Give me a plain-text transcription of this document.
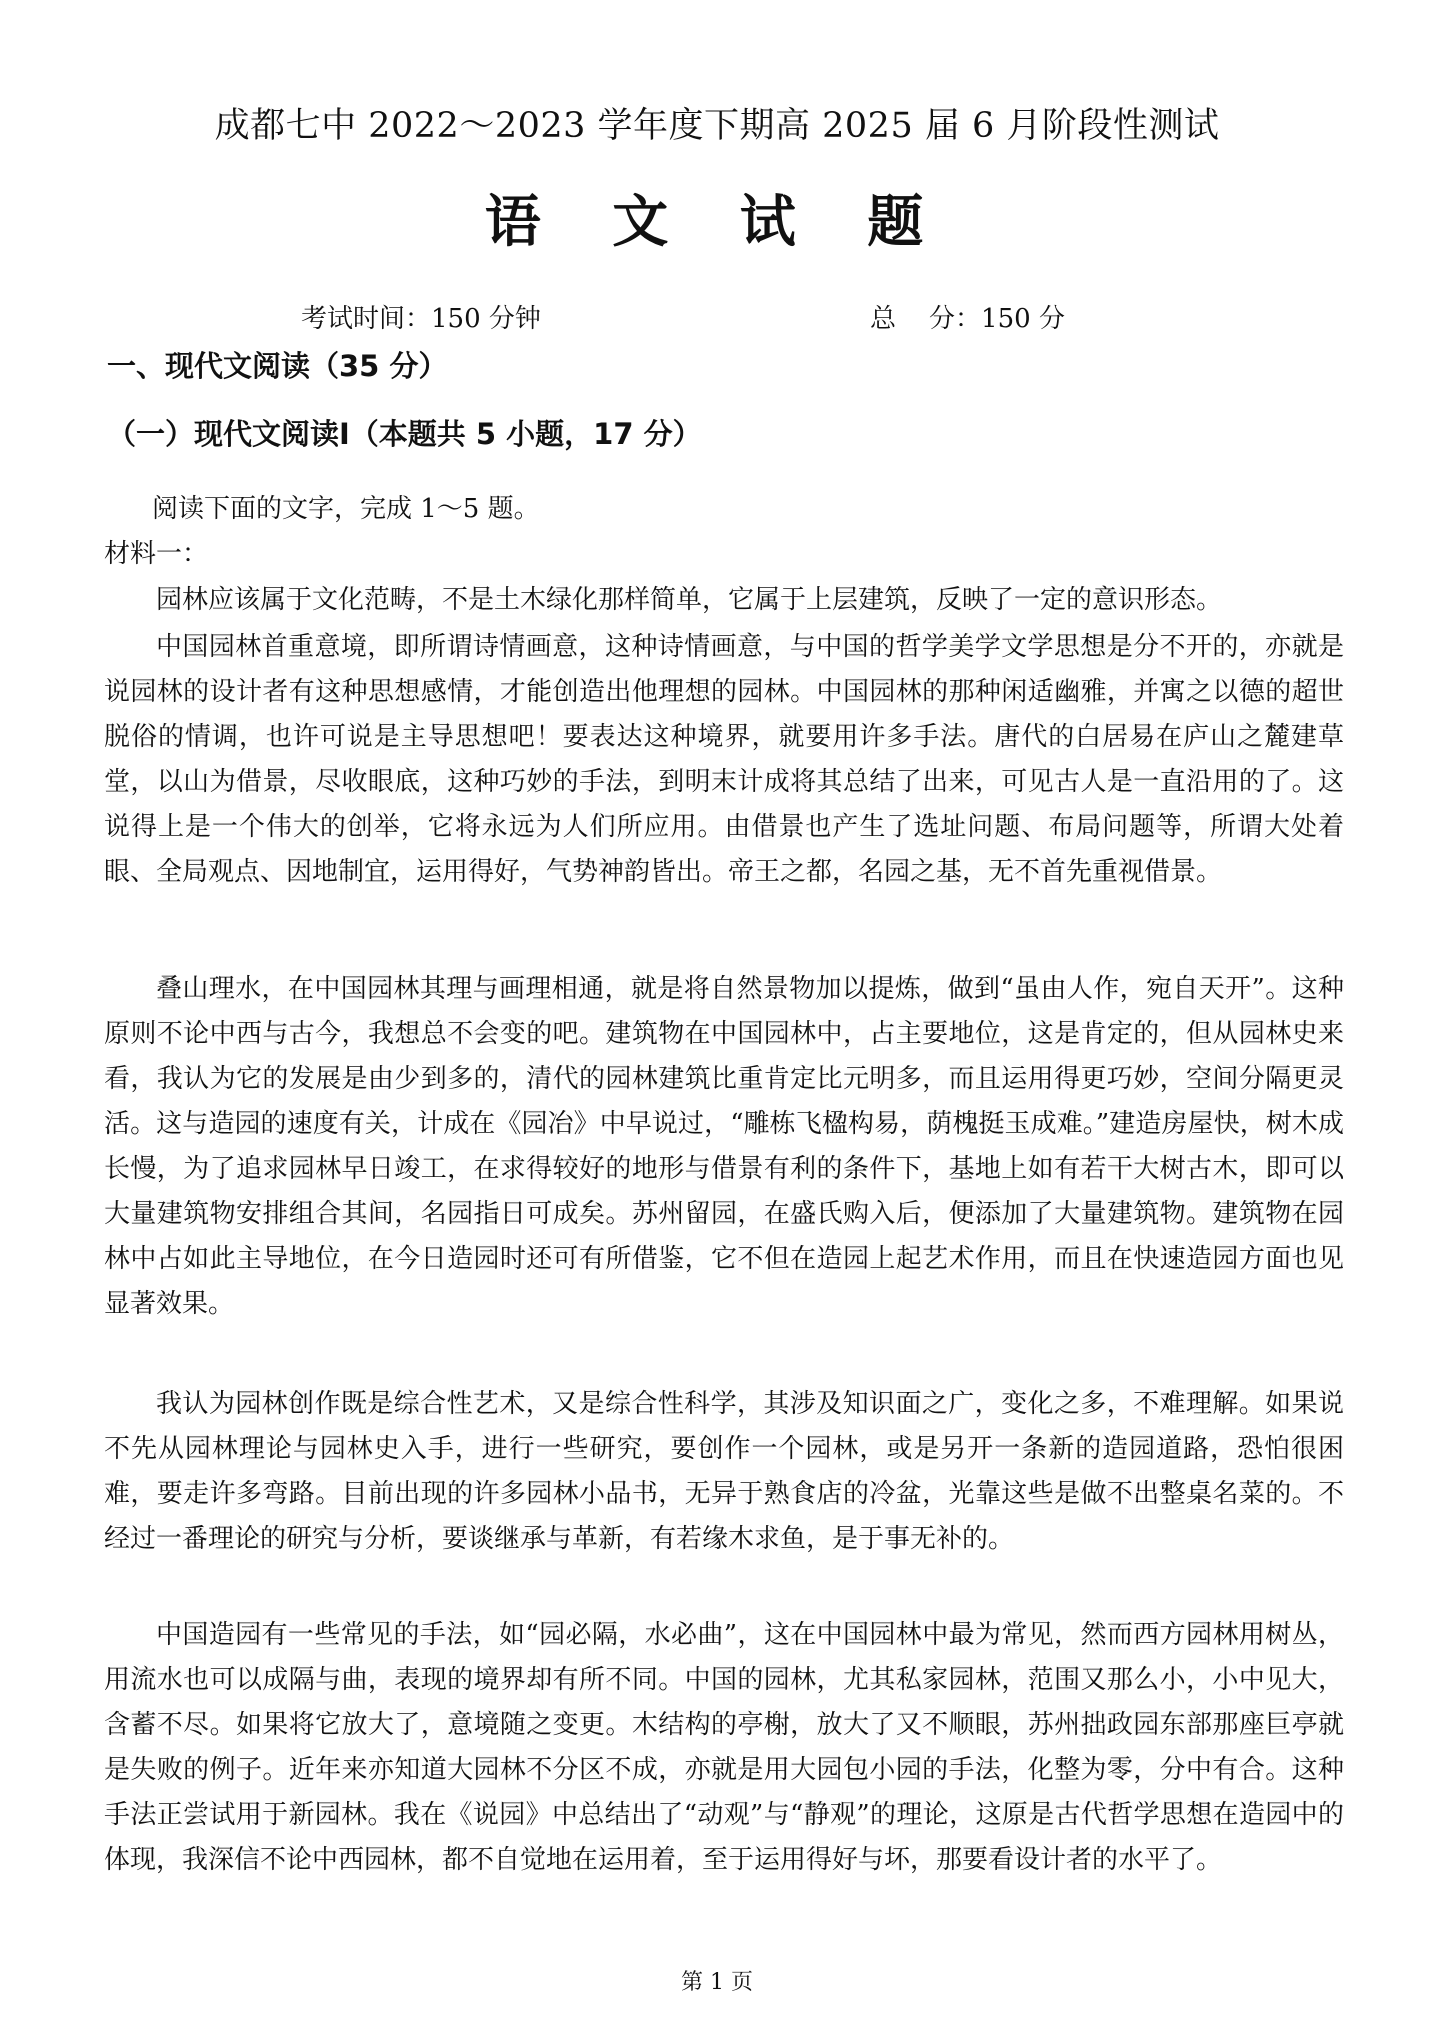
成都七中 2022～2023 学年度下期高 2025 届 6 月阶段性测试
语 文 试 题
考试时间：150 分钟	总    分：150 分
一、现代文阅读（35 分）
（一）现代文阅读I（本题共 5 小题，17 分）
阅读下面的文字，完成 1～5 题。
材料一：

园林应该属于文化范畴，不是土木绿化那样简单，它属于上层建筑，反映了一定的意识形态。

中国园林首重意境，即所谓诗情画意，这种诗情画意，与中国的哲学美学文学思想是分不开的，亦就是说园林的设计者有这种思想感情，才能创造出他理想的园林。中国园林的那种闲适幽雅，并寓之以德的超世脱俗的情调，也许可说是主导思想吧！要表达这种境界，就要用许多手法。唐代的白居易在庐山之麓建草堂，以山为借景，尽收眼底，这种巧妙的手法，到明末计成将其总结了出来，可见古人是一直沿用的了。这说得上是一个伟大的创举，它将永远为人们所应用。由借景也产生了选址问题、布局问题等，所谓大处着眼、全局观点、因地制宜，运用得好，气势神韵皆出。帝王之都，名园之基，无不首先重视借景。

叠山理水，在中国园林其理与画理相通，就是将自然景物加以提炼，做到“虽由人作，宛自天开”。这种原则不论中西与古今，我想总不会变的吧。建筑物在中国园林中，占主要地位，这是肯定的，但从园林史来看，我认为它的发展是由少到多的，清代的园林建筑比重肯定比元明多，而且运用得更巧妙，空间分隔更灵活。这与造园的速度有关，计成在《园冶》中早说过，“雕栋飞楹构易，荫槐挺玉成难。”建造房屋快，树木成长慢，为了追求园林早日竣工，在求得较好的地形与借景有利的条件下，基地上如有若干大树古木，即可以大量建筑物安排组合其间，名园指日可成矣。苏州留园，在盛氏购入后，便添加了大量建筑物。建筑物在园林中占如此主导地位，在今日造园时还可有所借鉴，它不但在造园上起艺术作用，而且在快速造园方面也见显著效果。

我认为园林创作既是综合性艺术，又是综合性科学，其涉及知识面之广，变化之多，不难理解。如果说不先从园林理论与园林史入手，进行一些研究，要创作一个园林，或是另开一条新的造园道路，恐怕很困难，要走许多弯路。目前出现的许多园林小品书，无异于熟食店的冷盆，光靠这些是做不出整桌名菜的。不经过一番理论的研究与分析，要谈继承与革新，有若缘木求鱼，是于事无补的。

中国造园有一些常见的手法，如“园必隔，水必曲”，这在中国园林中最为常见，然而西方园林用树丛，用流水也可以成隔与曲，表现的境界却有所不同。中国的园林，尤其私家园林，范围又那么小，小中见大，含蓄不尽。如果将它放大了，意境随之变更。木结构的亭榭，放大了又不顺眼，苏州拙政园东部那座巨亭就是失败的例子。近年来亦知道大园林不分区不成，亦就是用大园包小园的手法，化整为零，分中有合。这种手法正尝试用于新园林。我在《说园》中总结出了“动观”与“静观”的理论，这原是古代哲学思想在造园中的体现，我深信不论中西园林，都不自觉地在运用着，至于运用得好与坏，那要看设计者的水平了。

第 1 页
